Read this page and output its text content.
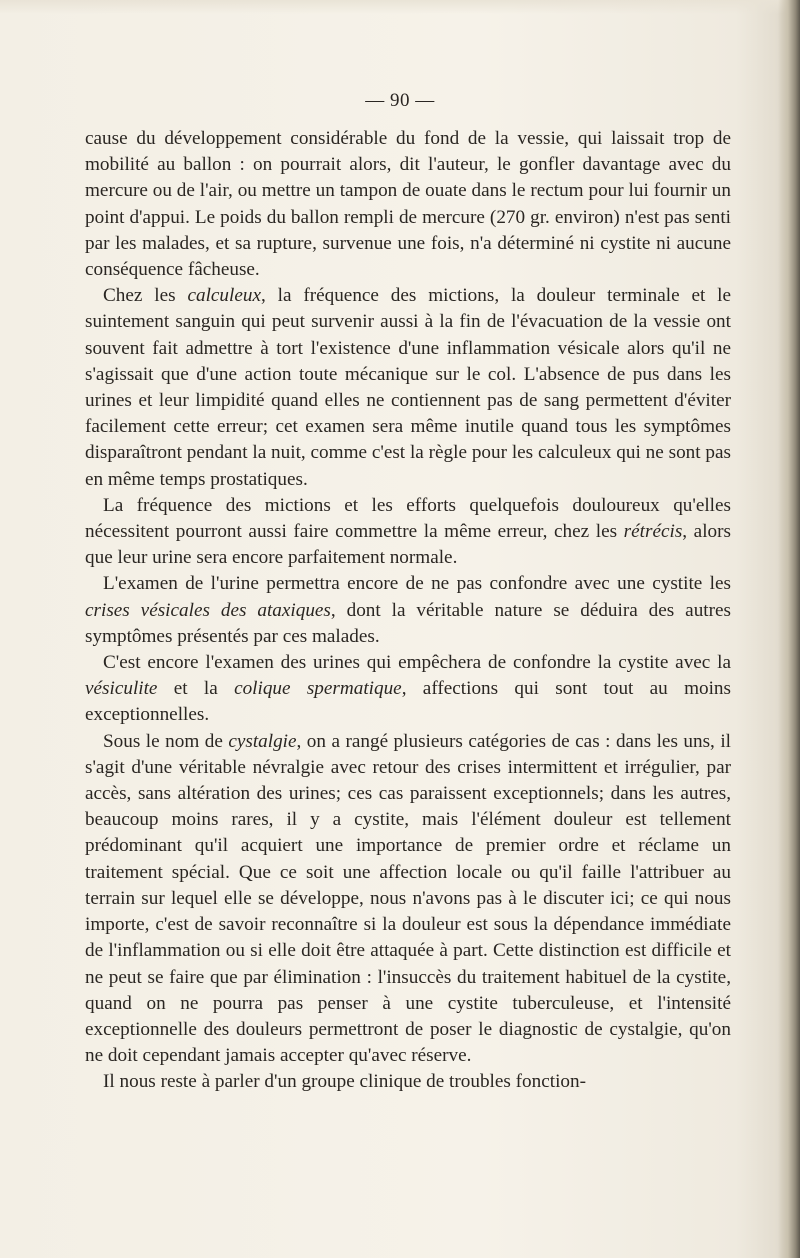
— 90 —

cause du développement considérable du fond de la vessie, qui laissait trop de mobilité au ballon : on pourrait alors, dit l'auteur, le gonfler davantage avec du mercure ou de l'air, ou mettre un tampon de ouate dans le rectum pour lui fournir un point d'appui. Le poids du ballon rempli de mercure (270 gr. environ) n'est pas senti par les malades, et sa rupture, survenue une fois, n'a déterminé ni cystite ni aucune conséquence fâcheuse.

Chez les calculeux, la fréquence des mictions, la douleur terminale et le suintement sanguin qui peut survenir aussi à la fin de l'évacuation de la vessie ont souvent fait admettre à tort l'existence d'une inflammation vésicale alors qu'il ne s'agissait que d'une action toute mécanique sur le col. L'absence de pus dans les urines et leur limpidité quand elles ne contiennent pas de sang permettent d'éviter facilement cette erreur; cet examen sera même inutile quand tous les symptômes disparaîtront pendant la nuit, comme c'est la règle pour les calculeux qui ne sont pas en même temps prostatiques.

La fréquence des mictions et les efforts quelquefois douloureux qu'elles nécessitent pourront aussi faire commettre la même erreur, chez les rétrécis, alors que leur urine sera encore parfaitement normale.

L'examen de l'urine permettra encore de ne pas confondre avec une cystite les crises vésicales des ataxiques, dont la véritable nature se déduira des autres symptômes présentés par ces malades.

C'est encore l'examen des urines qui empêchera de confondre la cystite avec la vésiculite et la colique spermatique, affections qui sont tout au moins exceptionnelles.

Sous le nom de cystalgie, on a rangé plusieurs catégories de cas : dans les uns, il s'agit d'une véritable névralgie avec retour des crises intermittent et irrégulier, par accès, sans altération des urines; ces cas paraissent exceptionnels; dans les autres, beaucoup moins rares, il y a cystite, mais l'élément douleur est tellement prédominant qu'il acquiert une importance de premier ordre et réclame un traitement spécial. Que ce soit une affection locale ou qu'il faille l'attribuer au terrain sur lequel elle se développe, nous n'avons pas à le discuter ici; ce qui nous importe, c'est de savoir reconnaître si la douleur est sous la dépendance immédiate de l'inflammation ou si elle doit être attaquée à part. Cette distinction est difficile et ne peut se faire que par élimination : l'insuccès du traitement habituel de la cystite, quand on ne pourra pas penser à une cystite tuberculeuse, et l'intensité exceptionnelle des douleurs permettront de poser le diagnostic de cystalgie, qu'on ne doit cependant jamais accepter qu'avec réserve.

Il nous reste à parler d'un groupe clinique de troubles fonction-
